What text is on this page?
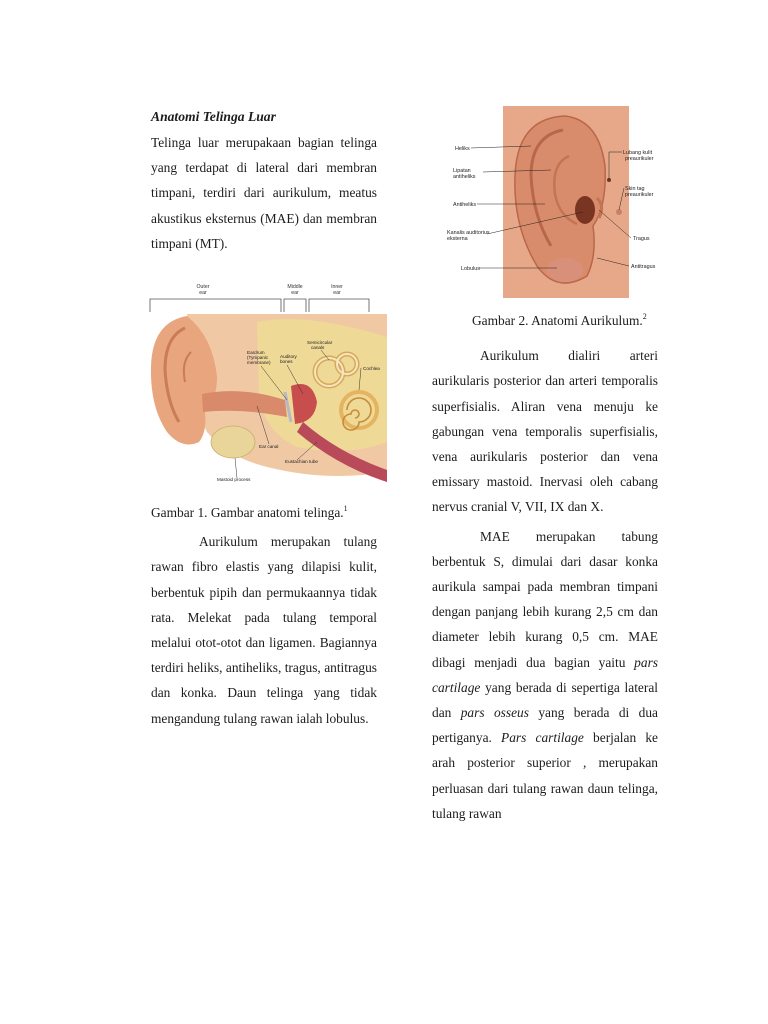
Anatomi Telinga Luar

Telinga luar merupakaan bagian telinga yang terdapat di lateral dari membran timpani, terdiri dari aurikulum, meatus akustikus eksternus (MAE) dan membran timpani (MT).

Outer
ear
Middle
ear
Inner
ear
Eardrum
(Tympanic
membrane)
Auditory
bones
Semicircular
canals
Cochlea
Ear canal
Eustachian tube
Mastoid process

Gambar 1. Gambar anatomi telinga.$^1$

Aurikulum merupakan tulang rawan fibro elastis yang dilapisi kulit, berbentuk pipih dan permukaannya tidak rata. Melekat pada tulang temporal melalui otot-otot dan ligamen. Bagiannya terdiri heliks, antiheliks, tragus, antitragus dan konka. Daun telinga yang tidak mengandung tulang rawan ialah lobulus.

Heliks
Lipatan
antiheliks
Antiheliks
Kanalis auditorius
eksterna
Lobulus
Lubang kulit
preaurikuler
Skin tag
preaurikuler
Tragus
Antitragus

Gambar 2. Anatomi Aurikulum.$^2$

Aurikulum dialiri arteri aurikularis posterior dan arteri temporalis superfisialis. Aliran vena menuju ke gabungan vena temporalis superfisialis, vena aurikularis posterior dan vena emissary mastoid. Inervasi oleh cabang nervus cranial V, VII, IX dan X.

MAE merupakan tabung berbentuk S, dimulai dari dasar konka aurikula sampai pada membran timpani dengan panjang lebih kurang 2,5 cm dan diameter lebih kurang 0,5 cm. MAE dibagi menjadi dua bagian yaitu pars cartilage yang berada di sepertiga lateral dan pars osseus yang berada di dua pertiganya. Pars cartilage berjalan ke arah posterior superior , merupakan perluasan dari tulang rawan daun telinga, tulang rawan
